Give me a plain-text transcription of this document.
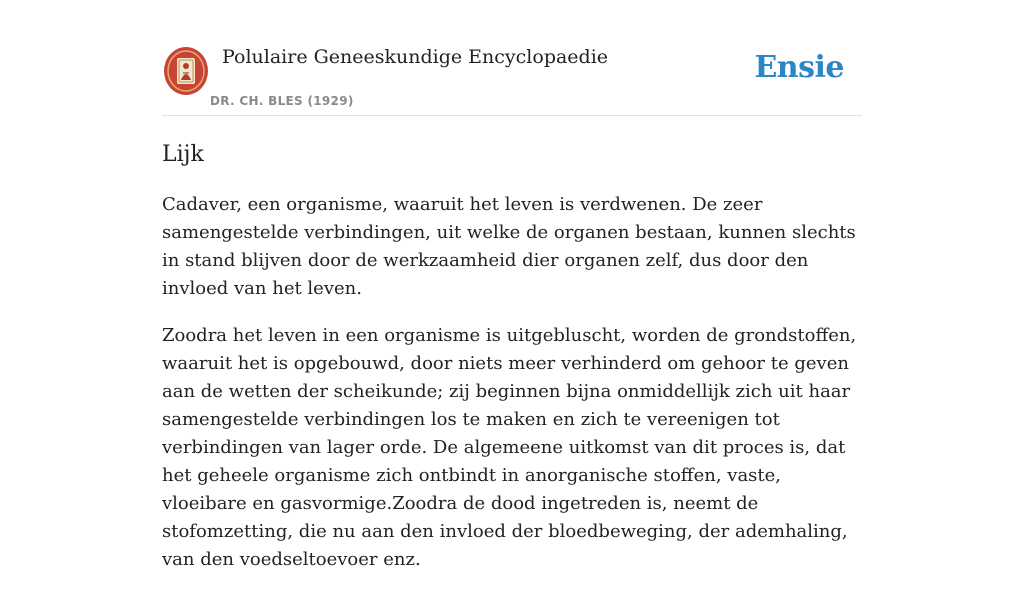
Polulaire Geneeskundige Encyclopaedie
DR. CH. BLES (1929)
Ensie
Lijk

Cadaver, een organisme, waaruit het leven is verdwenen. De zeer samengestelde verbindingen, uit welke de organen bestaan, kunnen slechts in stand blijven door de werkzaamheid dier organen zelf, dus door den invloed van het leven.

Zoodra het leven in een organisme is uitgebluscht, worden de grondstoffen, waaruit het is opgebouwd, door niets meer verhinderd om gehoor te geven aan de wetten der scheikunde; zij beginnen bijna onmiddellijk zich uit haar samengestelde verbindingen los te maken en zich te vereenigen tot verbindingen van lager orde. De algemeene uitkomst van dit proces is, dat het geheele organisme zich ontbindt in anorganische stoffen, vaste, vloeibare en gasvormige.Zoodra de dood ingetreden is, neemt de stofomzetting, die nu aan den invloed der bloedbeweging, der ademhaling, van den voedseltoevoer enz.
